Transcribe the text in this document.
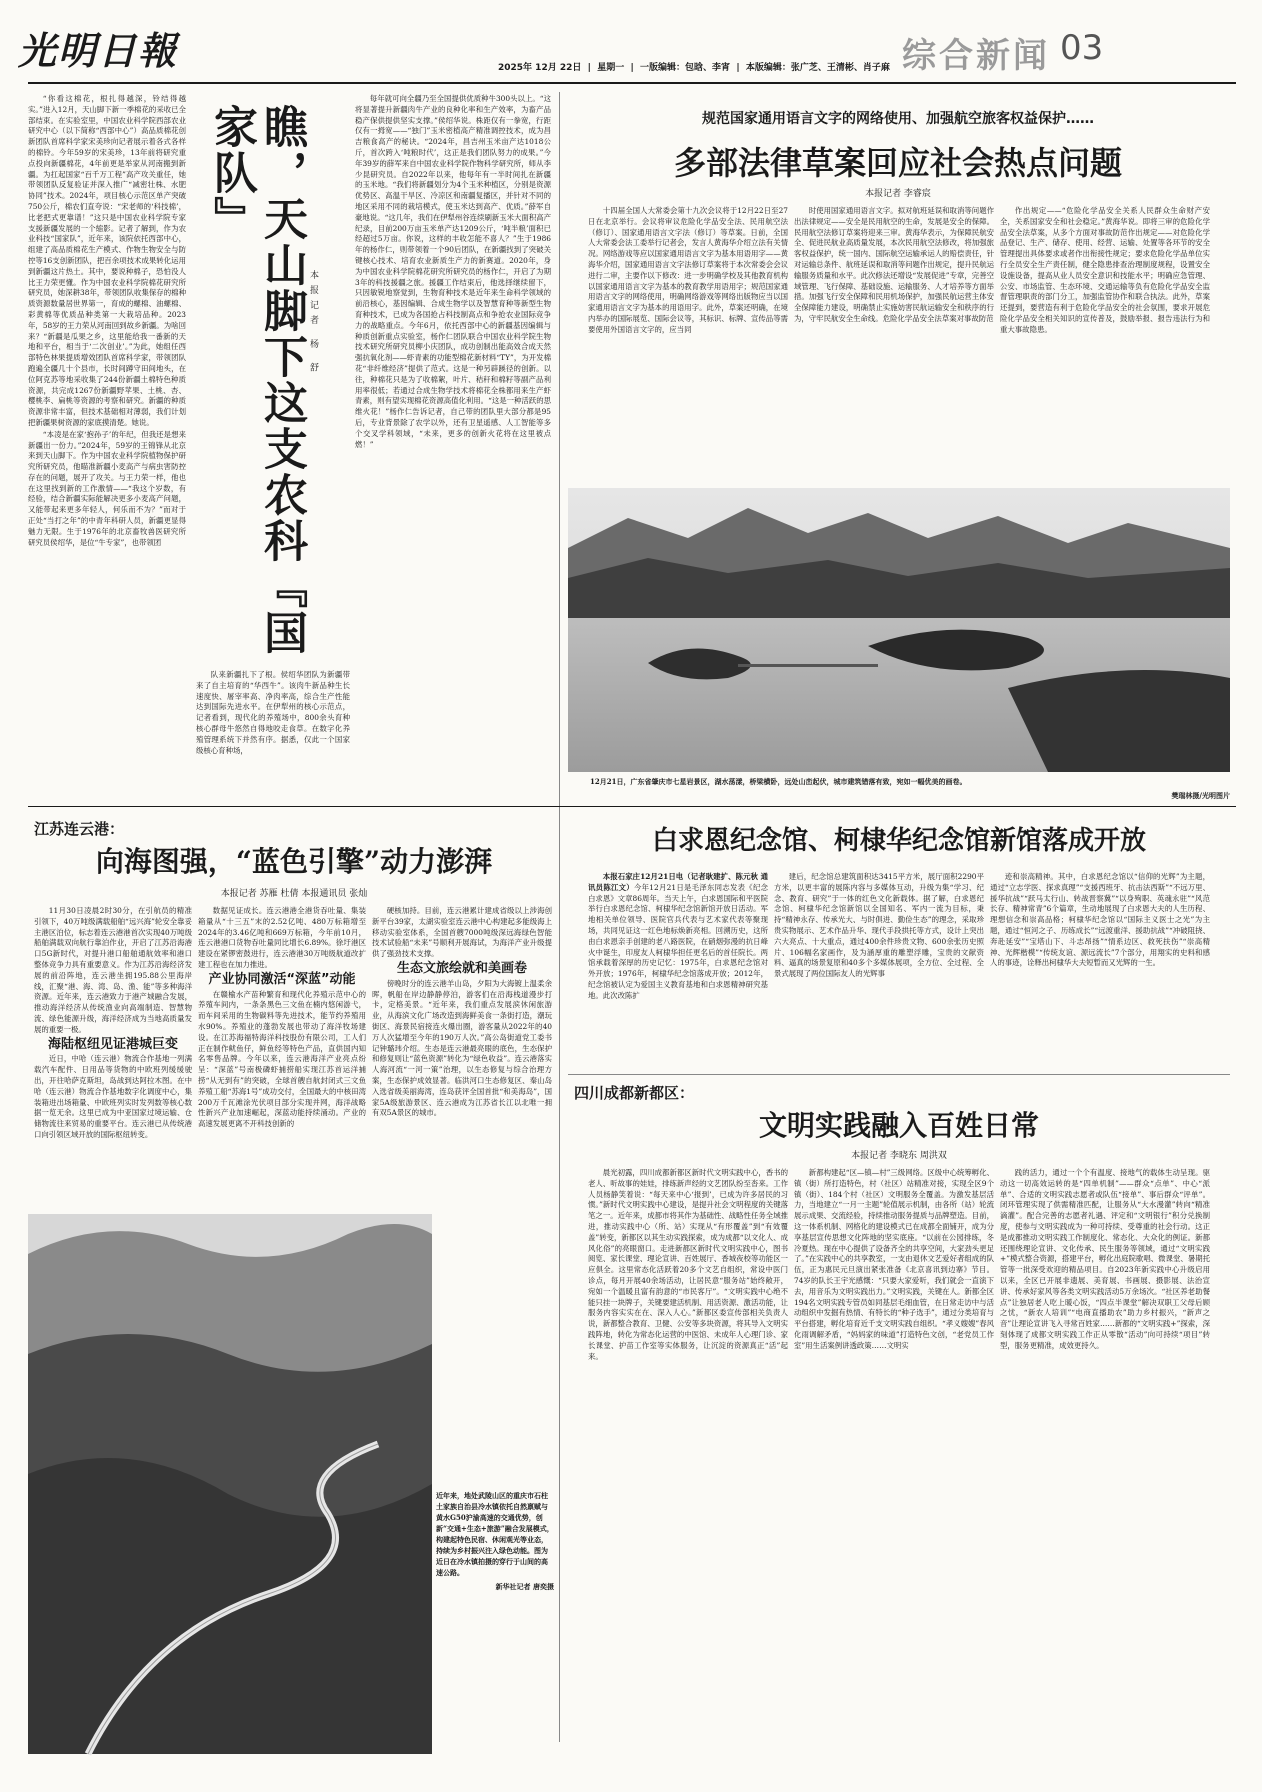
光明日報	2025年 12月 22日  |  星期一  |  一版编辑：包晗、李宵  |  本版编辑：张广芝、王清彬、肖子麻 综合新闻 03

“你看这棉花，根扎得越深，铃结得越实。”进入12月，天山脚下新一季棉花的采收已全部结束。在实验室里，中国农业科学院西部农业研究中心（以下简称“西部中心”）高品质棉花创新团队首席科学家宋美珍向记者展示着各式各样的棉铃。今年59岁的宋美珍，13年前将研究重点投向新疆棉花，4年前更是举家从河南搬到新疆。为扛起国家“百千万工程”高产攻关重任，她带领团队反复验证并深入推广“减密壮株、水肥协同”技术。2024年，项目核心示范区单产突破750公斤，棉农们直夸说：“宋老师的‘科技棉’，比老把式更靠谱！”这只是中国农业科学院专家支援新疆发展的一个缩影。记者了解到，作为农业科技“国家队”，近年来，该院依托西部中心，组建了高品质棉花生产模式、作物生物安全与防控等16支创新团队，把百余项技术成果转化运用到新疆这片热土。其中，要说种棉子，恐怕没人比王力荣更懂。作为中国农业科学院棉花研究所研究员，她深耕38年，带领团队收集保存的棉种质资源数量居世界第一，育成的螺棉、油螺棉、彩黄棉等优质品种类第一大栽培品种。2023年，58岁的王力荣从河南回到故乡新疆。为啥回来？“新疆是瓜果之乡，这里能给我一番新的天地和平台，相当于‘二次创业’。”为此，她组任西部特色林果提质增效团队首席科学家，带领团队跑遍全疆几十个县市，长时间蹲守田间地头，在位阿克苏等地采收集了244份新疆土棉特色种质资源，共完成1267份新疆野苹果、土桃、杏、樱桃李、扁桃等资源的考察和研究。新疆的种质资源非常丰富，但技术基础相对薄弱，我们计划把新疆果树资源的家底摸清楚。她说。

“本凌是在家‘抱孙子’的年纪，但我还是想来新疆出一份力。”2024年，59岁的王锦锋从北京来到天山脚下。作为中国农业科学院植物保护研究所研究员，他瞄准新疆小麦高产与病虫害防控存在的问题，展开了攻关。与王力荣一样，他也在这里找到新的工作激情——“我这个岁数，有经验，结合新疆实际能解决更多小麦高产问题，又能带起来更多年轻人，何乐而不为？”而对于正处“当打之年”的中青年科研人员，新疆更显得魅力无限。生于1976年的北京畜牧兽医研究所研究员侯绍华，是位“牛专家”，也带领团	瞧，天山脚下这支农科『国家队』
本报记者 杨 舒

每年就可向全疆乃至全国提供优质种牛300头以上。“这将显著提升新疆肉牛产业的良种化率和生产效率，为畜产品稳产保供提供坚实支撑。”侯绍华说。株距仅有一拳宽，行距仅有一拇宽——“独门”玉米密植高产精准调控技术，成为昌吉粮食高产的秘诀。“2024年，昌吉州玉米亩产达1018公斤，首次跨入‘吨粮时代’，这正是我们团队努力的成果。”今年39岁的薛军来自中国农业科学院作物科学研究所，师从李少昆研究员。自2022年以来，他每年有一半时间扎在新疆的玉米地。“我们将新疆划分为4个玉米种植区，分别是资源优势区、高温干旱区、冷凉区和南疆复播区，并针对不同的地区采用不同的栽培模式，使玉米达到高产、优质。”薛军自豪地说。“这几年，我们在伊犁州谷连续刷新玉米大面积高产纪录，目前200万亩玉米单产达1209公斤，‘吨半粮’面积已经超过5万亩。你说，这样的丰收怎能不喜人？”生于1986年的杨作仁，则带领着一个90后团队，在新疆找到了突破关键核心技术、培育农业新质生产力的新赛道。2020年，身为中国农业科学院棉花研究所研究员的杨作仁，开启了为期3年的科技援疆之旅。援疆工作结束后，他选择继续留下，只因敏锐地察觉到，生物育种技术是近年来生命科学领域的前沿核心，基因编辑、合成生物学以及智慧育种等新型生物育种技术，已成为各国抢占科技制高点和争抢农业国际竞争力的战略重点。今年6月，依托西部中心的新疆基因编辑与种质创新重点实验室，杨作仁团队联合中国农业科学院生物技术研究所研究员柳小庆团队，成功创制出能高效合成天然强抗氧化剂——虾青素的功能型棉花新材料“TY”，为开发棉花“非纤维经济”提供了范式。这是一种另辟蹊径的创新。以往，种棉花只是为了收棉絮，叶片、秸秆和棉籽等副产品利用率很低；若通过合成生物学技术将棉花全株都用来生产虾青素，则有望实现棉花资源高值化利用。“这是一种活跃的思维火花！”杨作仁告诉记者，自己带的团队里大部分都是95后，专业背景除了农学以外，还有卫星遥感、人工智能等多个交叉学科领域，“未来，更多的创新火花将在这里被点燃！”

队来新疆扎下了根。侯绍华团队为新疆带来了自主培育的“华西牛”。该肉牛新品种生长速度快、屠宰率高、净肉率高，综合生产性能达到国际先进水平。在伊犁州的核心示范点，记者看到，现代化的养殖场中，800余头育种核心群母牛悠然自得地咬走食草。在数字化养殖管理系统下并然有序。据悉，仅此一个国家级核心育种场，

规范国家通用语言文字的网络使用、加强航空旅客权益保护……
多部法律草案回应社会热点问题
本报记者 李睿宸

十四届全国人大常委会第十九次会议将于12月22日至27日在北京举行。会议将审议危险化学品安全法、民用航空法（修订）、国家通用语言文字法（修订）等草案。日前，全国人大常委会法工委举行记者会，发言人黄海华介绍立法有关情况。网络游戏等应以国家通用语言文字为基本用语用字——黄海华介绍，国家通用语言文字法修订草案将于本次常委会会议进行二审，主要作以下修改：进一步明确学校及其他教育机构以国家通用语言文字为基本的教育教学用语用字；规范国家通用语言文字的网络使用，明确网络游戏等网络出版物应当以国家通用语言文字为基本的用语用字。此外，草案还明确，在境内举办的国际展览、国际会议等，其标识、标牌、宣传品等需要使用外国语言文字的，应当同

时使用国家通用语言文字。拟对航班延误和取消等问题作出法律规定——安全是民用航空的生命，发展是安全的保障。民用航空法修订草案将迎来三审。黄海华表示，为保障民航安全、促进民航业高质量发展，本次民用航空法修改，将加强旅客权益保护，统一国内、国际航空运输承运人的赔偿责任，针对运输总条件、航班延误和取消等问题作出规定，提升民航运输服务质量和水平。此次修法还增设“发展促进”专章，完善空域管理、飞行保障、基础设施、运输服务、人才培养等方面举措。加强飞行安全保障和民用机场保护，加强民航运营主体安全保障能力建设，明确禁止实施妨害民航运输安全和秩序的行为，守牢民航安全生命线。危险化学品安全法草案对事故防范

作出规定——“危险化学品安全关系人民群众生命财产安全，关系国家安全和社会稳定。”黄海华说。即将三审的危险化学品安全法草案，从多个方面对事故防范作出规定——对危险化学品登记、生产、储存、使用、经营、运输、处置等各环节的安全管理提出具体要求或者作出衔接性规定；要求危险化学品单位实行全员安全生产责任制，健全隐患排查治理制度规程，设置安全设施设备，提高从业人员安全意识和技能水平；明确应急管理、公安、市场监管、生态环境、交通运输等负有危险化学品安全监督管理职责的部门分工，加强监管协作和联合执法。此外，草案还提到，要营造有利于危险化学品安全的社会氛围，要求开展危险化学品安全相关知识的宣传普及，鼓励举报、报告违法行为和重大事故隐患。

12月21日，广东省肇庆市七星岩景区，湖水荡漾，桥梁横卧，远处山峦起伏，城市建筑错落有致，宛如一幅优美的画卷。
樊瑞林摄/光明图片
江苏连云港：
向海图强，“蓝色引擎”动力澎湃
本报记者 苏雁 杜倩 本报通讯员 张灿

11月30日凌晨2时30分，在引航员的精准引领下，40万吨级满载船舶“远兴海”轮安全靠妥主港区泊位，标志着连云港港首次实现40万吨级船舶满载双向航行靠泊作业，开启了江苏沿海港口5G新时代，对提升港口船舶通航效率和港口整体竞争力具有重要意义。作为江苏沿海经济发展的前沿阵地，连云港坐拥195.88公里海岸线，汇聚“港、海、湾、岛、渔、能”等多种海洋资源。近年来，连云港致力于港产城融合发展，推动海洋经济从传统渔业向高端制造、智慧物流、绿色能源升级，海洋经济成为当地高质量发展的重要一极。

海陆枢纽见证港城巨变

近日，中哈（连云港）物流合作基地一列满载汽车配件、日用品等货物的中欧班列缓缓驶出，开往哈萨克斯坦，岛战到达阿拉木图。在中哈（连云港）物流合作基地数字化调度中心，集装箱进出场箱量、中欧班列实时发列数等核心数据一览无余。这里已成为中亚国家过境运输、仓储物流往来贸易的重要平台。连云港已从传统港口向引领区域开放的国际枢纽转变。

数据见证成长。连云港港全港货吞吐量、集装箱量从“十三五”末的2.52亿吨、480万标箱增至2024年的3.46亿吨和669万标箱，今年前10月，连云港港口货物吞吐量同比增长6.89%。徐圩港区建设在紧锣密鼓进行，连云港港30万吨级航道改扩建工程也在加力推进。

产业协同激活“深蓝”动能

在赣榆水产苗种繁育和现代化养殖示范中心的养殖车间内，一条条黑色三文鱼在楠内悠闲游弋，而车间采用的生物碳料等先进技术，能节约养殖用水90%。养殖业的蓬勃发展也带动了海洋牧场建设。在江苏海福特海洋科技股份有限公司，工人们正在制作鱿鱼仔，鲜鱼经等特色产品，直供国内知名零售品牌。今年以来，连云港海洋产业亮点纷呈：“深蓝”号南极磷虾捕捞船实现江苏首运洋捕捞“从无到有”的突破，全球首艘自航封闭式三文鱼养殖工船“苏海1号”成功交付，全国最大的中核田湾200万千瓦滩涂光伏项目部分实现并网，海洋战略性新兴产业加速崛起，深蓝动能持续涌动。产业的高速发展更离不开科技创新的

硬核加持。目前，连云港累计建成省级以上涉海创新平台39家，太湖实验室连云港中心构建起多能级海上移动实验室体系，全国首艘7000吨级深远海绿色智能技术试验船“未来”号顺利开展海试，为海洋产业升级提供了强劲技术支撑。

生态文旅绘就和美画卷

傍晚时分的连云港羊山岛，夕阳为大海镀上温柔余晖，帆船在岸边静静停泊，游客们在沿海栈道漫步打卡，定格美景。“近年来，我们重点发展滨休闲旅游业，从海滨文化广场改造到海鲜美食一条街打造，潮玩街区、海景民宿接连火爆出圈，游客量从2022年的40万人次猛增至今年的190万人次。”高公岛街道党工委书记钟璐玮介绍。生态是连云港最亮眼的底色，生态保护和修复则让“蓝色资源”转化为“绿色收益”。连云港落实人海河流“一河一策”治理，以生态修复与综合治理方案，生态保护成效显著。临洪河口生态修复区、秦山岛入选省级美丽海湾，连岛获评全国首批“和美海岛”，国家5A级旅游景区、连云港成为江苏省长江以北唯一拥有双5A景区的城市。

近年来，地处武陵山区的重庆市石柱土家族自治县冷水镇依托自然禀赋与黄水G50沪渝高速的交通优势，创新“交通+生态+旅游”融合发展模式，构建起特色民宿、休闲观光等业态，持续为乡村振兴注入绿色动能。图为近日在冷水镇拍摄的穿行于山间的高速公路。
新华社记者 唐奕摄
白求恩纪念馆、柯棣华纪念馆新馆落成开放

本报石家庄12月21日电（记者耿建扩、陈元秋 通讯员陈江文）今年12月21日是毛泽东同志发表《纪念白求恩》文章86周年。当天上午，白求恩国际和平医院举行白求恩纪念馆、柯棣华纪念馆新馆开放日活动。军地相关单位领导、医院官兵代表与艺术家代表等聚现场，共同见证这一红色地标焕新亮相。回溯历史，这所由白求恩亲手创建的老八路医院，在硝烟弥漫的抗日峰火中诞生，印度友人柯棣华担任更名后的首任院长。两馆承载着深厚的历史记忆：1975年，白求恩纪念馆对外开放；1976年，柯棣华纪念馆落成开放；2012年，纪念馆被认定为爱国主义教育基地和白求恩精神研究基地。此次改陈扩

建后，纪念馆总建筑面积达3415平方米，展厅面积2290平方米，以更丰富的展陈内容与多媒体互动，升级为集“学习、纪念、教育、研究”于一体的红色文化新载体。据了解，白求恩纪念馆、柯棣华纪念馆新馆以全国知名、军内一流为目标，秉持“精神永存、传承光大、与时俱进、勤俭生态”的理念，采取珍贵实物展示、艺术作品升华、现代手段拱托等方式，设计上突出六大亮点、十大重点，通过400余件珍贵文物、600余张历史照片、106幅名家画作，及为涵厚重的雕塑浮雕，宝贵的文献资料、逼真的场景复原和40多个多媒体展项，全方位、全过程、全景式展现了两位国际友人的光辉事

迹和崇高精神。其中，白求恩纪念馆以“信仰的光辉”为主题，通过“立志学医、探求真理”“支援西班牙、抗击法西斯”“不远万里、援华抗战”“跃马太行山、转战晋察冀”“以身殉职、英魂永驻”“风范长存、精神常青”6个篇章，生动地展现了白求恩大夫的人生历程、理想信念和崇高品格；柯棣华纪念馆以“国际主义医士之光”为主题，通过“恒河之子、历练成长”“远渡重洋、援助抗战”“冲破阻挠、奔赴延安”“宝塔山下、斗志昂扬”“情系边区、救死扶伤”“崇高精神、光辉楷模”“传统友谊、源远流长”7个部分，用翔实的史料和感人的事迹，诠释出柯棣华大夫短暂而又光辉的一生。

四川成都新都区：
文明实践融入百姓日常
本报记者 李晓东 周洪双

晨光初露，四川成都新都区新时代文明实践中心，香书的老人、听故事的娃娃，排练新声经的文艺团队纷至沓来。工作人员杨静笑着说：“每天来中心‘报到’，已成为许多居民的习惯。”新时代文明实践中心建设，是提升社会文明程度的关键落笔之一。近年来，成都市将其作为基础性、战略性任务全域推进，推动实践中心（所、站）实现从“有形覆盖”到“有效覆盖”转变，新都区以其生动实践探索，成为成都“以文化人、成风化俗”的亮眼窗口。走进新都区新时代文明实践中心，图书阅览、家长课堂、理论宣讲、百姓展厅、香城夜校等功能区一应俱全。这里常态化活跃着20多个文艺自组织，常设中医门诊点，每月开展40余场活动，让居民意“服务站”始终敞开，宛如一个温暖且富有韵意的“市民客厅”。“文明实践中心绝不能只挂一块牌子，关键要建活机制、用活资源、激活功能，让服务内容实实在在、深入人心。”新都区委宣传部相关负责人说，新都整合教育、卫健、公安等多块资源，将其导入文明实践阵地，转化为常态化运营的中医馆、未成年人心理门诊、家长课堂、护苗工作室等实体服务，让沉淀的资源真正“活”起来。

新都构建起“区—镇—村”三级网络。区级中心统筹孵化、镇（街）所打造特色，村（社区）站精准对接，实现全区9个镇（街）、184个村（社区）文明服务全覆盖。为激发基层活力，当地建立“一月一主题”轮值展示机制，由各所（站）轮流展示成果、交流经验，持续推动服务提质与品牌塑造。目前，这一体系机制、网格化的建设模式已在成都全面铺开，成为分享基层宣传思想文化阵地的坚实底座。“以前在公园排练，冬冷夏热。现在中心提供了设备齐全的共享空间，大家劲头更足了。”在实践中心的共享教室，一支由退休文艺爱好者组成的队伍，正为惠民元旦演出紧张准备《北京喜讯到边寨》节目。74岁的队长王宇光感慨：“只要大家爱听，我们就会一直演下去，用音乐为文明实践出力。”文明实践，关键在人。新都全区194名文明实践专管员如同基层毛细血管，在日常走访中与活动组织中发掘有热情、有特长的“种子选手”，通过分类培育与平台搭建，孵化培育近千支文明实践自组织。“孝义嫂嫂”春风化雨调解矛盾，“妈妈家的味道”打造特色文创，“老党员工作室”用生活案例讲透政策……文明实

践的活力，通过一个个有温度、接地气的载体生动呈现。驱动这一切高效运转的是“四单机制”——群众“点单”、中心“派单”、合适的文明实践志愿者或队伍“接单”、事后群众“评单”。闭环管理实现了供需精准匹配，让服务从“大水漫灌”转向“精准滴灌”。配合完善的志愿者礼遇、评定和“文明银行”积分兑换制度，使参与文明实践成为一种可持续、受尊重的社会行动。这正是成都推动文明实践工作制度化、常态化、大众化的例证。新都还围绕理论宣讲、文化传承、民生服务等领域，通过“文明实践+”模式整合资源，搭建平台，孵化出庭院歌唱、微课堂、暑期托管等一批深受欢迎的精品项目。自2023年新实践中心升级启用以来，全区已开展非遗展、美育展、书画展、摄影展、法治宣讲、传承好家风等各类文明实践活动5万余场次。“社区养老助餐点”让独居老人吃上暖心饭，“四点半课堂”解决双职工父母后顾之忧，“新农人培训”“电商直播助农”助力乡村振兴，“新声之音”让理论宣讲飞入寻常百姓家……新都的“文明实践+”探索，深刻体现了成都文明实践工作正从零散“活动”向可持续“项目”转型，服务更精准，成效更持久。
